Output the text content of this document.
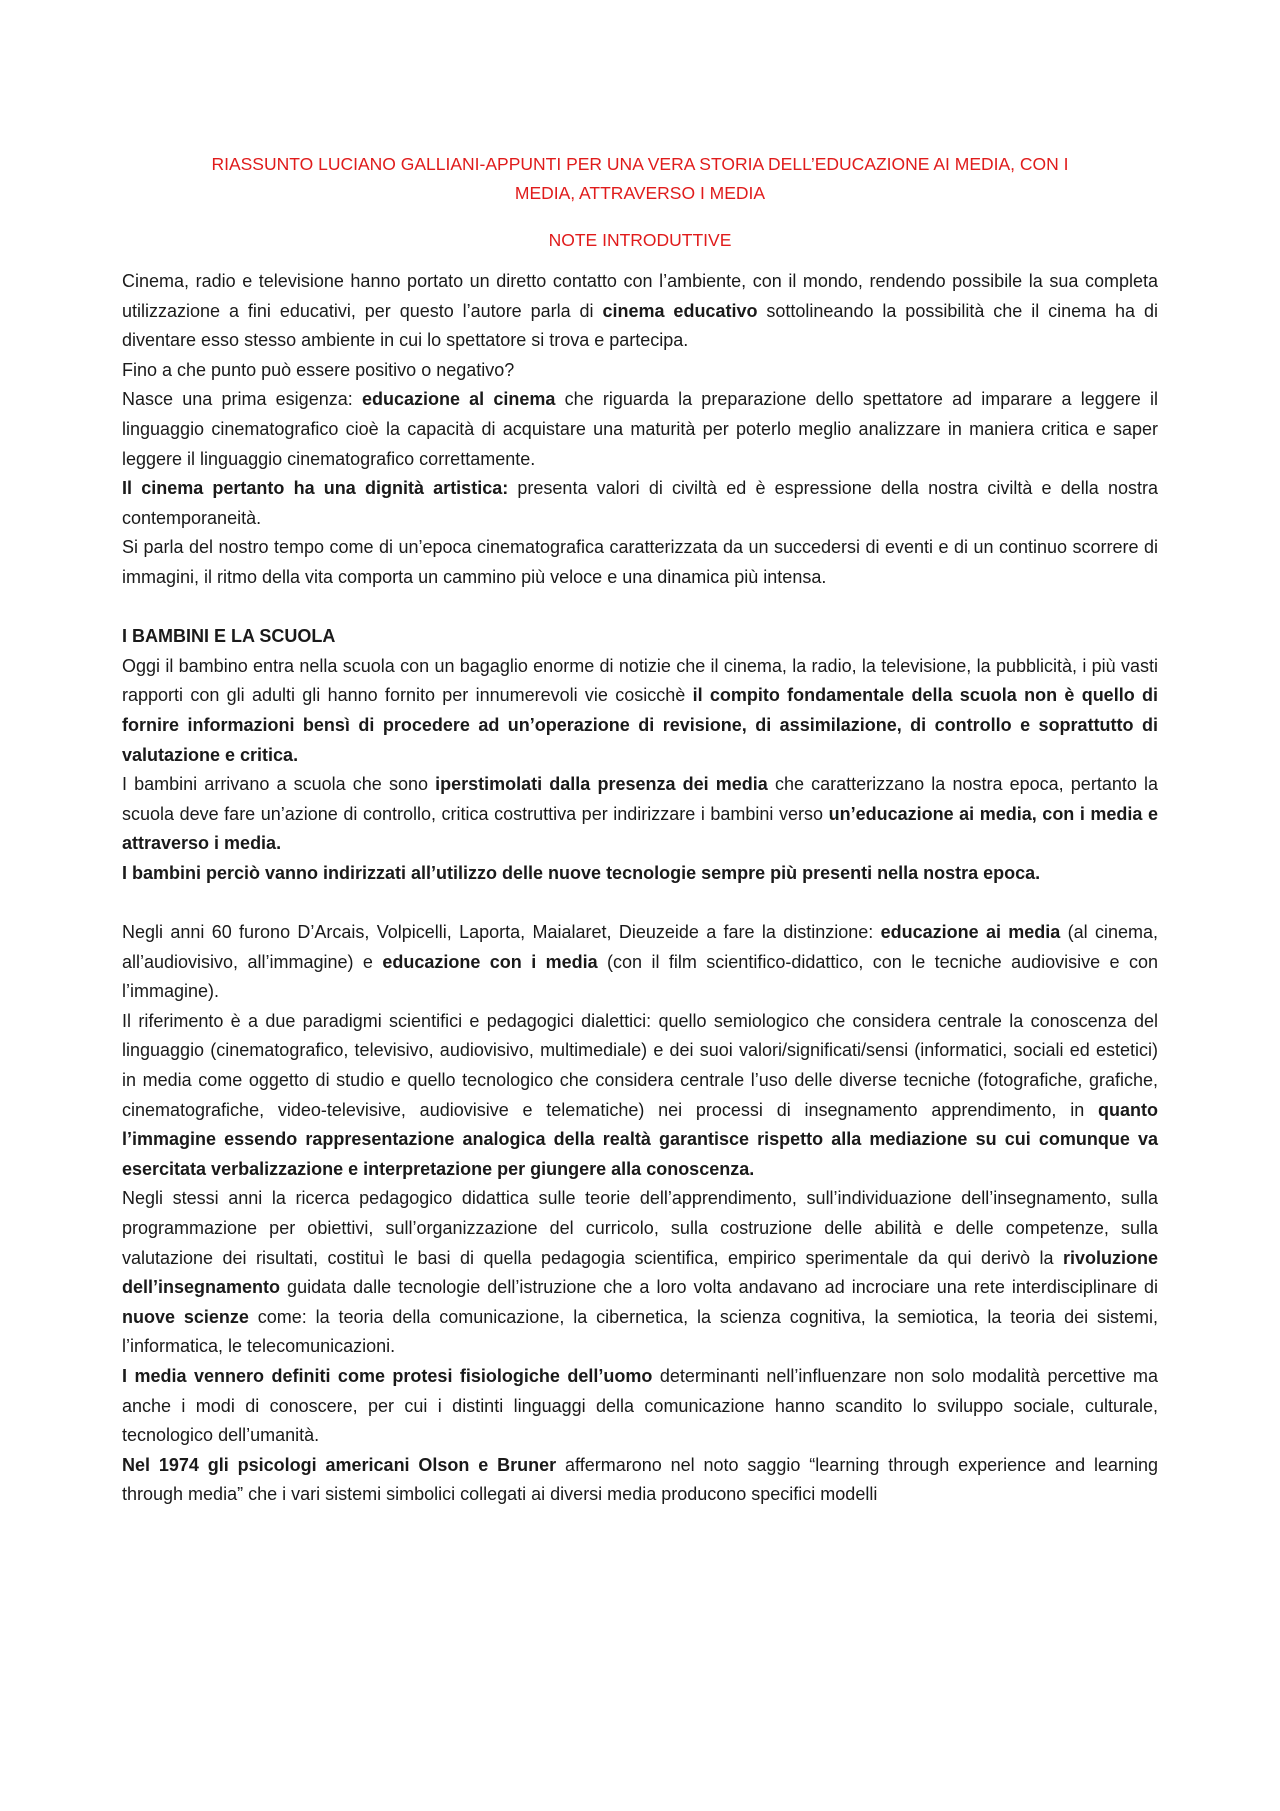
RIASSUNTO LUCIANO GALLIANI-APPUNTI PER UNA VERA STORIA DELL’EDUCAZIONE AI MEDIA, CON I
MEDIA, ATTRAVERSO I MEDIA
NOTE INTRODUTTIVE

Cinema, radio e televisione hanno portato un diretto contatto con l’ambiente, con il mondo, rendendo possibile la sua completa utilizzazione a fini educativi, per questo l’autore parla di cinema educativo sottolineando la possibilità che il cinema ha di diventare esso stesso ambiente in cui lo spettatore si trova e partecipa.

Fino a che punto può essere positivo o negativo?

Nasce una prima esigenza: educazione al cinema che riguarda la preparazione dello spettatore ad imparare a leggere il linguaggio cinematografico cioè la capacità di acquistare una maturità per poterlo meglio analizzare in maniera critica e saper leggere il linguaggio cinematografico correttamente.

Il cinema pertanto ha una dignità artistica: presenta valori di civiltà ed è espressione della nostra civiltà e della nostra contemporaneità.

Si parla del nostro tempo come di un’epoca cinematografica caratterizzata da un succedersi di eventi e di un continuo scorrere di immagini, il ritmo della vita comporta un cammino più veloce e una dinamica più intensa.

I BAMBINI E LA SCUOLA

Oggi il bambino entra nella scuola con un bagaglio enorme di notizie che il cinema, la radio, la televisione, la pubblicità, i più vasti rapporti con gli adulti gli hanno fornito per innumerevoli vie cosicchè il compito fondamentale della scuola non è quello di fornire informazioni bensì di procedere ad un’operazione di revisione, di assimilazione, di controllo e soprattutto di valutazione e critica.

I bambini arrivano a scuola che sono iperstimolati dalla presenza dei media che caratterizzano la nostra epoca, pertanto la scuola deve fare un’azione di controllo, critica costruttiva per indirizzare i bambini verso un’educazione ai media, con i media e attraverso i media.

I bambini perciò vanno indirizzati all’utilizzo delle nuove tecnologie sempre più presenti nella nostra epoca.

Negli anni 60 furono D’Arcais, Volpicelli, Laporta, Maialaret, Dieuzeide a fare la distinzione: educazione ai media (al cinema, all’audiovisivo, all’immagine) e educazione con i media (con il film scientifico-didattico, con le tecniche audiovisive e con l’immagine).

Il riferimento è a due paradigmi scientifici e pedagogici dialettici: quello semiologico che considera centrale la conoscenza del linguaggio (cinematografico, televisivo, audiovisivo, multimediale) e dei suoi valori/significati/sensi (informatici, sociali ed estetici) in media come oggetto di studio e quello tecnologico che considera centrale l’uso delle diverse tecniche (fotografiche, grafiche, cinematografiche, video-televisive, audiovisive e telematiche) nei processi di insegnamento apprendimento, in quanto l’immagine essendo rappresentazione analogica della realtà garantisce rispetto alla mediazione su cui comunque va esercitata verbalizzazione e interpretazione per giungere alla conoscenza.

Negli stessi anni la ricerca pedagogico didattica sulle teorie dell’apprendimento, sull’individuazione dell’insegnamento, sulla programmazione per obiettivi, sull’organizzazione del curricolo, sulla costruzione delle abilità e delle competenze, sulla valutazione dei risultati, costituì le basi di quella pedagogia scientifica, empirico sperimentale da qui derivò la rivoluzione dell’insegnamento guidata dalle tecnologie dell’istruzione che a loro volta andavano ad incrociare una rete interdisciplinare di nuove scienze come: la teoria della comunicazione, la cibernetica, la scienza cognitiva, la semiotica, la teoria dei sistemi, l’informatica, le telecomunicazioni.

I media vennero definiti come protesi fisiologiche dell’uomo determinanti nell’influenzare non solo modalità percettive ma anche i modi di conoscere, per cui i distinti linguaggi della comunicazione hanno scandito lo sviluppo sociale, culturale, tecnologico dell’umanità.

Nel 1974 gli psicologi americani Olson e Bruner affermarono nel noto saggio “learning through experience and learning through media” che i vari sistemi simbolici collegati ai diversi media producono specifici modelli
